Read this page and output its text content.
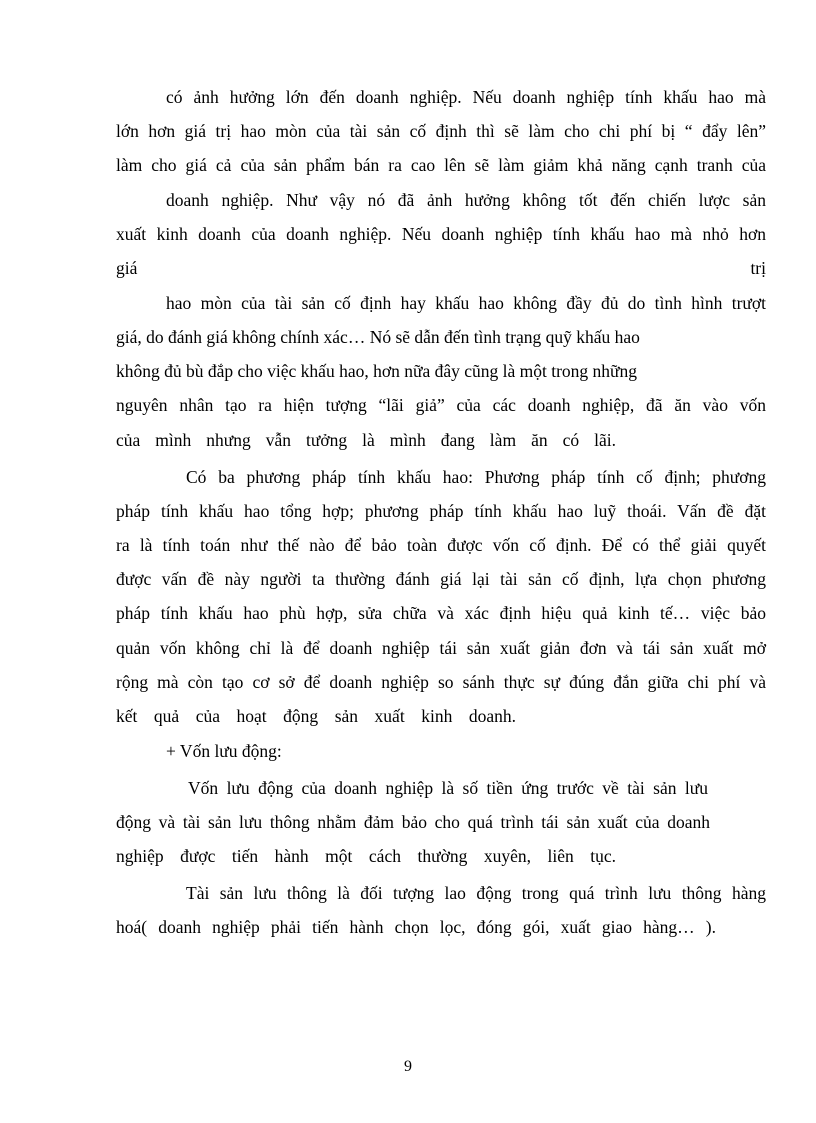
có ảnh hưởng lớn đến doanh nghiệp. Nếu doanh nghiệp tính khấu hao mà

lớn hơn giá trị hao mòn của tài sản cố định thì sẽ làm cho chi phí bị “ đẩy lên”

làm cho giá cả của sản phẩm bán ra cao lên sẽ làm giảm khả năng cạnh tranh của

doanh nghiệp. Như vậy nó đã ảnh hưởng không tốt đến chiến lược sản

xuất kinh doanh của doanh nghiệp. Nếu doanh nghiệp tính khấu hao mà nhỏ hơn

giá	trị

hao mòn của tài sản cố định hay khấu hao không đầy đủ do tình hình trượt

giá, do đánh giá không chính xác… Nó sẽ dẫn đến tình trạng quỹ khấu hao

không đủ bù đắp cho việc khấu hao, hơn nữa đây cũng là một trong những

nguyên nhân tạo ra hiện tượng “lãi giả” của các doanh nghiệp, đã ăn vào vốn

của mình nhưng vẫn tưởng là mình đang làm ăn có lãi.

Có ba phương pháp tính khấu hao: Phương pháp tính cố định; phương

pháp tính khấu hao tổng hợp; phương pháp tính khấu hao luỹ thoái. Vấn đề đặt

ra là tính toán như thế nào để bảo toàn được vốn cố định. Để có thể giải quyết

được vấn đề này người ta thường đánh giá lại tài sản cố định, lựa chọn phương

pháp tính khấu hao phù hợp, sửa chữa và xác định hiệu quả kinh tế… việc bảo

quản vốn không chỉ là để doanh nghiệp tái sản xuất giản đơn và tái sản xuất mở

rộng mà còn tạo cơ sở để doanh nghiệp so sánh thực sự đúng đắn giữa chi phí và

kết quả của hoạt động sản xuất kinh doanh.

+ Vốn lưu động:

Vốn lưu động của doanh nghiệp là số tiền ứng trước về tài sản lưu

động và tài sản lưu thông nhằm đảm bảo cho quá trình tái sản xuất của doanh

nghiệp được tiến hành một cách thường xuyên, liên tục.

Tài sản lưu thông là đối tượng lao động trong quá trình lưu thông hàng

hoá( doanh nghiệp phải tiến hành chọn lọc, đóng gói, xuất giao hàng… ).

9
